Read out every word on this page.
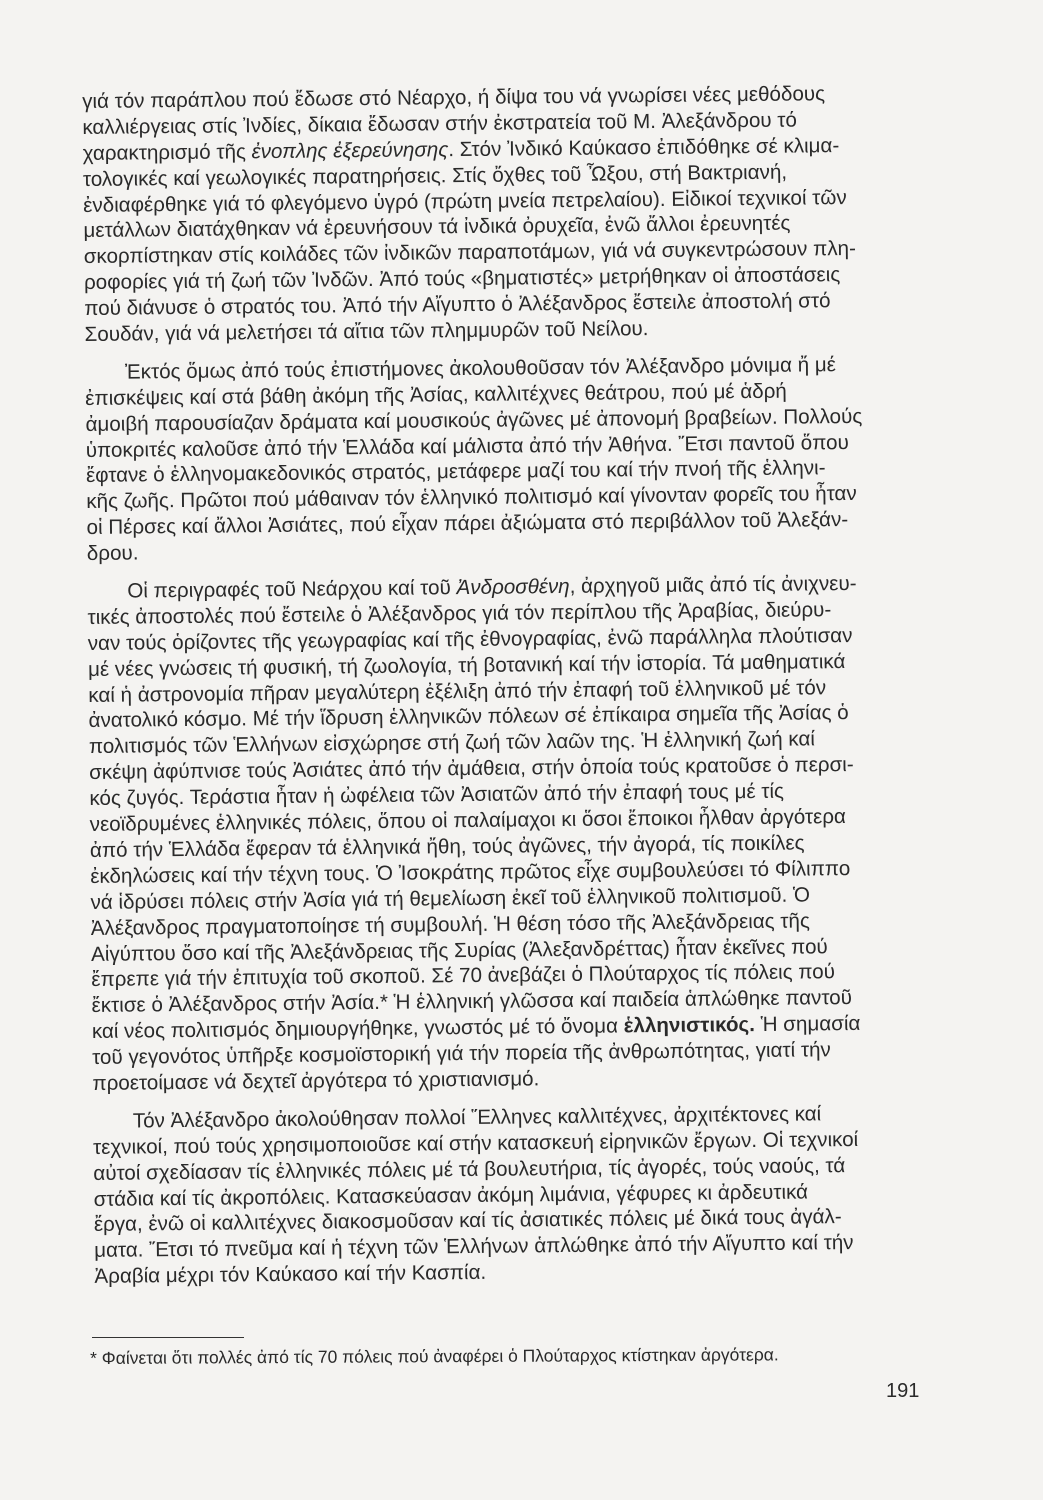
γιά τόν παράπλου πού ἔδωσε στό Νέαρχο, ή δίψα του νά γνωρίσει νέες μεθόδους
καλλιέργειας στίς Ἰνδίες, δίκαια ἔδωσαν στήν ἐκστρατεία τοῦ Μ. Ἀλεξάνδρου τό
χαρακτηρισμό τῆς ἐνοπλης ἐξερεύνησης. Στόν Ἰνδικό Καύκασο ἐπιδόθηκε σέ κλιμα-
τολογικές καί γεωλογικές παρατηρήσεις. Στίς ὄχθες τοῦ Ὦξου, στή Βακτριανή,
ἐνδιαφέρθηκε γιά τό φλεγόμενο ὑγρό (πρώτη μνεία πετρελαίου). Εἰδικοί τεχνικοί τῶν
μετάλλων διατάχθηκαν νά ἐρευνήσουν τά ἰνδικά ὀρυχεῖα, ἐνῶ ἄλλοι ἐρευνητές
σκορπίστηκαν στίς κοιλάδες τῶν ἰνδικῶν παραποτάμων, γιά νά συγκεντρώσουν πλη-
ροφορίες γιά τή ζωή τῶν Ἰνδῶν. Ἀπό τούς «βηματιστές» μετρήθηκαν οἱ ἀποστάσεις
πού διάνυσε ὁ στρατός του. Ἀπό τήν Αἴγυπτο ὁ Ἀλέξανδρος ἔστειλε ἀποστολή στό
Σουδάν, γιά νά μελετήσει τά αἴτια τῶν πλημμυρῶν τοῦ Νείλου.
Ἐκτός ὅμως ἀπό τούς ἐπιστήμονες ἀκολουθοῦσαν τόν Ἀλέξανδρο μόνιμα ἤ μέ
ἐπισκέψεις καί στά βάθη ἀκόμη τῆς Ἀσίας, καλλιτέχνες θεάτρου, πού μέ ἁδρή
ἀμοιβή παρουσίαζαν δράματα καί μουσικούς ἀγῶνες μέ ἀπονομή βραβείων. Πολλούς
ὑποκριτές καλοῦσε ἀπό τήν Ἑλλάδα καί μάλιστα ἀπό τήν Ἀθήνα. Ἔτσι παντοῦ ὅπου
ἔφτανε ὁ ἑλληνομακεδονικός στρατός, μετάφερε μαζί του καί τήν πνοή τῆς ἑλληνι-
κῆς ζωῆς. Πρῶτοι πού μάθαιναν τόν ἑλληνικό πολιτισμό καί γίνονταν φορεῖς του ἦταν
οἱ Πέρσες καί ἄλλοι Ἀσιάτες, πού εἶχαν πάρει ἀξιώματα στό περιβάλλον τοῦ Ἀλεξάν-
δρου.
Οἱ περιγραφές τοῦ Νεάρχου καί τοῦ Ἀνδροσθένη, ἀρχηγοῦ μιᾶς ἀπό τίς ἀνιχνευ-
τικές ἀποστολές πού ἔστειλε ὁ Ἀλέξανδρος γιά τόν περίπλου τῆς Ἀραβίας, διεύρυ-
ναν τούς ὁρίζοντες τῆς γεωγραφίας καί τῆς ἐθνογραφίας, ἐνῶ παράλληλα πλούτισαν
μέ νέες γνώσεις τή φυσική, τή ζωολογία, τή βοτανική καί τήν ἱστορία. Τά μαθηματικά
καί ἡ ἀστρονομία πῆραν μεγαλύτερη ἐξέλιξη ἀπό τήν ἐπαφή τοῦ ἑλληνικοῦ μέ τόν
ἀνατολικό κόσμο. Μέ τήν ἵδρυση ἑλληνικῶν πόλεων σέ ἐπίκαιρα σημεῖα τῆς Ἀσίας ὁ
πολιτισμός τῶν Ἑλλήνων εἰσχώρησε στή ζωή τῶν λαῶν της. Ἡ ἑλληνική ζωή καί
σκέψη ἀφύπνισε τούς Ἀσιάτες ἀπό τήν ἀμάθεια, στήν ὁποία τούς κρατοῦσε ὁ περσι-
κός ζυγός. Τεράστια ἦταν ἡ ὠφέλεια τῶν Ἀσιατῶν ἀπό τήν ἐπαφή τους μέ τίς
νεοϊδρυμένες ἑλληνικές πόλεις, ὅπου οἱ παλαίμαχοι κι ὅσοι ἔποικοι ἦλθαν ἀργότερα
ἀπό τήν Ἑλλάδα ἔφεραν τά ἑλληνικά ἤθη, τούς ἀγῶνες, τήν ἀγορά, τίς ποικίλες
ἐκδηλώσεις καί τήν τέχνη τους. Ὁ Ἰσοκράτης πρῶτος εἶχε συμβουλεύσει τό Φίλιππο
νά ἱδρύσει πόλεις στήν Ἀσία γιά τή θεμελίωση ἐκεῖ τοῦ ἑλληνικοῦ πολιτισμοῦ. Ὁ
Ἀλέξανδρος πραγματοποίησε τή συμβουλή. Ἡ θέση τόσο τῆς Ἀλεξάνδρειας τῆς
Αἰγύπτου ὅσο καί τῆς Ἀλεξάνδρειας τῆς Συρίας (Ἀλεξανδρέττας) ἦταν ἐκεῖνες πού
ἔπρεπε γιά τήν ἐπιτυχία τοῦ σκοποῦ. Σέ 70 ἀνεβάζει ὁ Πλούταρχος τίς πόλεις πού
ἔκτισε ὁ Ἀλέξανδρος στήν Ἀσία.* Ἡ ἑλληνική γλῶσσα καί παιδεία ἁπλώθηκε παντοῦ
καί νέος πολιτισμός δημιουργήθηκε, γνωστός μέ τό ὄνομα ἑλληνιστικός. Ἡ σημασία
τοῦ γεγονότος ὑπῆρξε κοσμοϊστορική γιά τήν πορεία τῆς ἀνθρωπότητας, γιατί τήν
προετοίμασε νά δεχτεῖ ἀργότερα τό χριστιανισμό.
Τόν Ἀλέξανδρο ἀκολούθησαν πολλοί Ἕλληνες καλλιτέχνες, ἀρχιτέκτονες καί
τεχνικοί, πού τούς χρησιμοποιοῦσε καί στήν κατασκευή εἰρηνικῶν ἔργων. Οἱ τεχνικοί
αὐτοί σχεδίασαν τίς ἑλληνικές πόλεις μέ τά βουλευτήρια, τίς ἀγορές, τούς ναούς, τά
στάδια καί τίς ἀκροπόλεις. Κατασκεύασαν ἀκόμη λιμάνια, γέφυρες κι ἀρδευτικά
ἔργα, ἐνῶ οἱ καλλιτέχνες διακοσμοῦσαν καί τίς ἀσιατικές πόλεις μέ δικά τους ἀγάλ-
ματα. Ἔτσι τό πνεῦμα καί ἡ τέχνη τῶν Ἑλλήνων ἁπλώθηκε ἀπό τήν Αἴγυπτο καί τήν
Ἀραβία μέχρι τόν Καύκασο καί τήν Κασπία.
* Φαίνεται ὅτι πολλές ἀπό τίς 70 πόλεις πού ἀναφέρει ὁ Πλούταρχος κτίστηκαν ἀργότερα.
191
